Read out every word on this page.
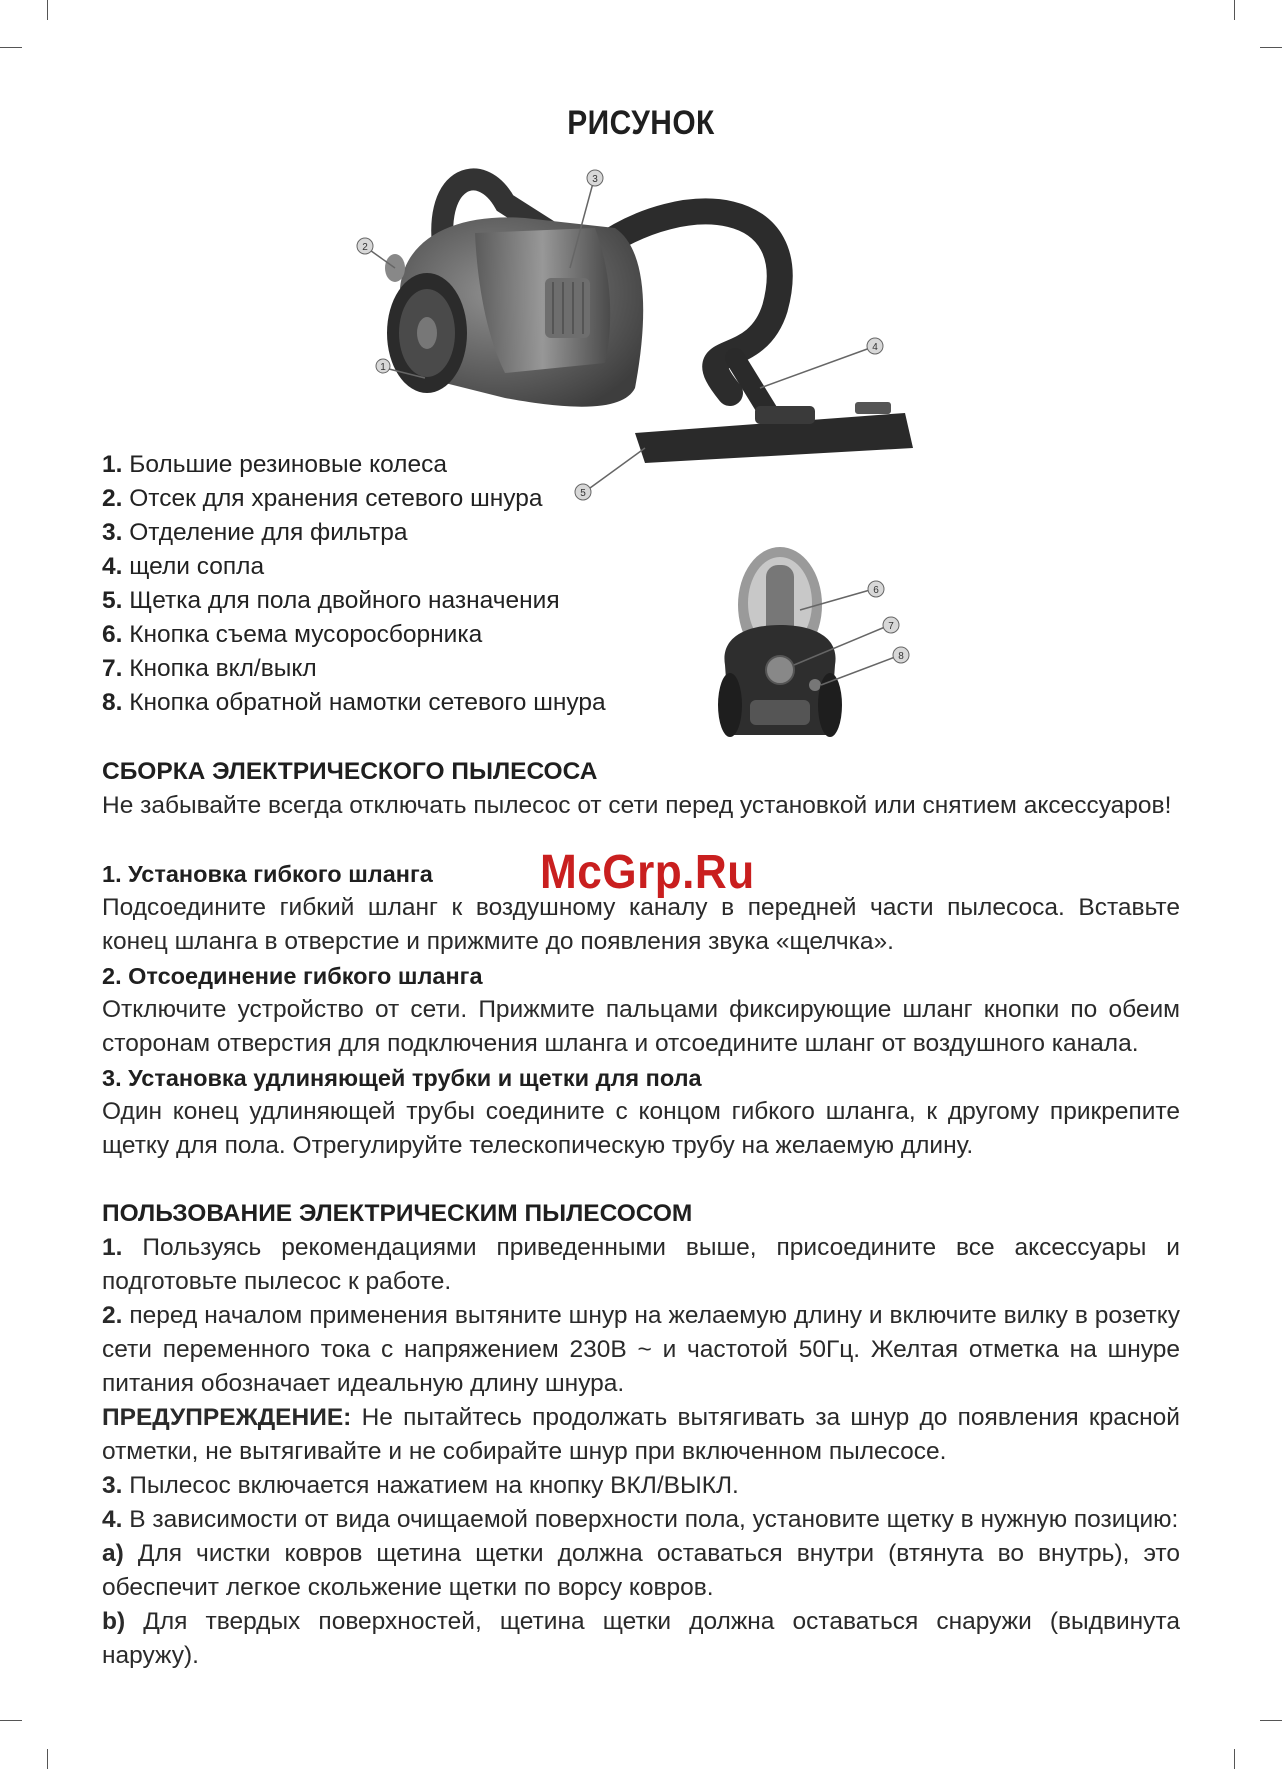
РИСУНОК
1
2
3
4
5
6
7
8
1. Большие резиновые колеса
2. Отсек для хранения сетевого шнура
3. Отделение для фильтра
4. щели сопла
5. Щетка для пола двойного назначения
6. Кнопка съема мусоросборника
7. Кнопка вкл/выкл
8. Кнопка обратной намотки сетевого шнура
СБОРКА ЭЛЕКТРИЧЕСКОГО ПЫЛЕСОСА

Не забывайте всегда отключать пылесос от сети перед установкой или снятием аксессуаров!

1. Установка гибкого шланга

Подсоедините гибкий шланг к воздушному каналу в передней части пылесоса. Вставьте конец шланга в отверстие и прижмите до появления звука «щелчка».

2. Отсоединение гибкого шланга

Отключите устройство от сети. Прижмите пальцами фиксирующие шланг кнопки по обеим сторонам отверстия для подключения шланга и отсоедините шланг от воздушного канала.

3. Установка удлиняющей трубки и щетки для пола

Один конец удлиняющей трубы соедините с концом гибкого шланга, к другому прикрепите щетку для пола. Отрегулируйте телескопическую трубу на желаемую длину.

ПОЛЬЗОВАНИЕ ЭЛЕКТРИЧЕСКИМ ПЫЛЕСОСОМ

1. Пользуясь рекомендациями приведенными выше, присоедините все аксессуары и подготовьте пылесос к работе.

2. перед началом применения вытяните шнур на желаемую длину и включите вилку в розетку сети переменного тока с напряжением 230В ~ и частотой 50Гц. Желтая отметка на шнуре питания обозначает идеальную длину шнура.

ПРЕДУПРЕЖДЕНИЕ: Не пытайтесь продолжать вытягивать за шнур до появления красной отметки, не вытягивайте и не собирайте шнур при включенном пылесосе.

3. Пылесос включается нажатием на кнопку ВКЛ/ВЫКЛ.

4. В зависимости от вида очищаемой поверхности пола, установите щетку в нужную позицию:

a) Для чистки ковров щетина щетки должна оставаться внутри (втянута во внутрь), это обеспечит легкое скольжение щетки по ворсу ковров.

b) Для твердых поверхностей, щетина щетки должна оставаться снаружи (выдвинута наружу).

McGrp.Ru
